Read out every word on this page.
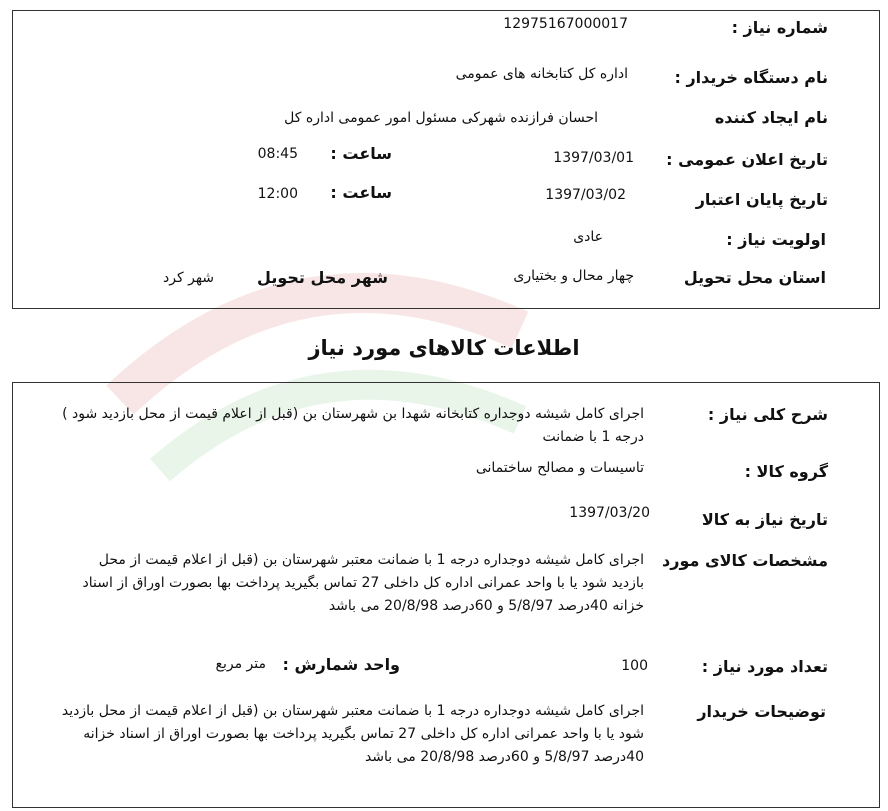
شماره نیاز :
12975167000017
نام دستگاه خریدار :
اداره کل کتابخانه های عمومی
نام ایجاد کننده
احسان فرازنده شهرکی مسئول امور عمومی اداره کل
تاریخ اعلان عمومی :
1397/03/01
ساعت :
08:45
تاریخ پایان اعتبار
1397/03/02
ساعت :
12:00
اولویت نیاز :
عادی
استان محل تحویل
چهار محال و بختیاری
شهر محل تحویل
شهر کرد
اطلاعات کالاهای مورد نیاز
شرح کلی نیاز :
اجرای کامل شیشه دوجداره کتابخانه شهدا بن شهرستان بن (قبل از اعلام قیمت از محل بازدید شود ) درجه 1 با ضمانت
گروه کالا :
تاسیسات و مصالح ساختمانی
تاریخ نیاز به کالا
1397/03/20
مشخصات کالای مورد
اجرای کامل شیشه دوجداره درجه 1 با ضمانت معتبر شهرستان بن (قبل از اعلام قیمت از محل بازدید شود یا با واحد عمرانی اداره کل داخلی 27 تماس بگیرید پرداخت بها بصورت اوراق از اسناد خزانه 40درصد 5/8/97 و 60درصد 20/8/98 می باشد
تعداد مورد نیاز :
100
واحد شمارش :
متر مربع
توضیحات خریدار
اجرای کامل شیشه دوجداره درجه 1 با ضمانت معتبر شهرستان بن (قبل از اعلام قیمت از محل بازدید شود یا با واحد عمرانی اداره کل داخلی 27 تماس بگیرید پرداخت بها بصورت اوراق از اسناد خزانه 40درصد 5/8/97 و 60درصد 20/8/98 می باشد
